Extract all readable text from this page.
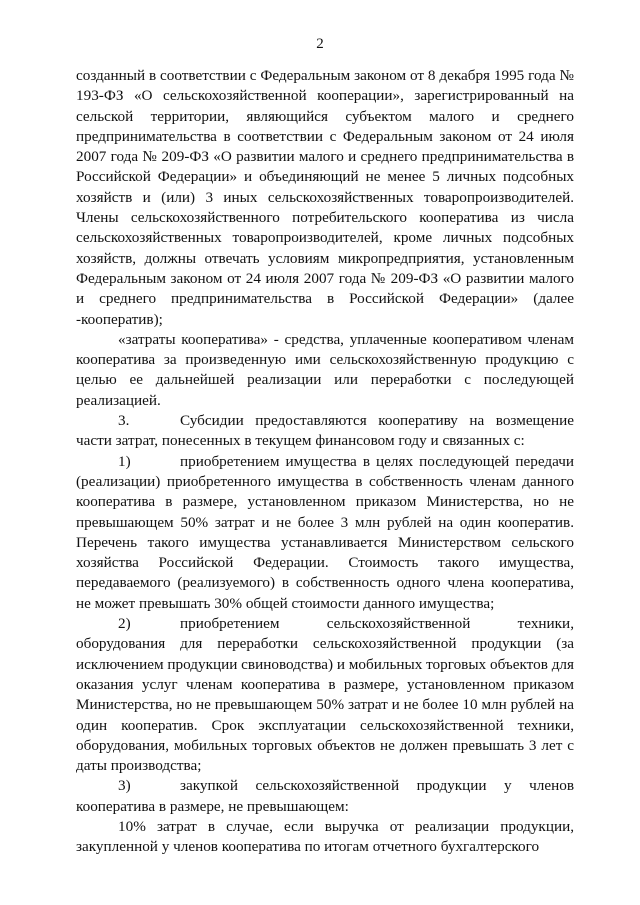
2

созданный в соответствии с Федеральным законом от 8 декабря 1995 года № 193-ФЗ «О сельскохозяйственной кооперации», зарегистрированный на сельской территории, являющийся субъектом малого и среднего предпринимательства в соответствии с Федеральным законом от 24 июля 2007 года № 209-ФЗ «О развитии малого и среднего предпринимательства в Российской Федерации» и объединяющий не менее 5 личных подсобных хозяйств и (или) 3 иных сельскохозяйственных товаропроизводителей. Члены сельскохозяйственного потребительского кооператива из числа сельскохозяйственных товаропроизводителей, кроме личных подсобных хозяйств, должны отвечать условиям микропредприятия, установленным Федеральным законом от 24 июля 2007 года № 209-ФЗ «О развитии малого и среднего предпринимательства в Российской Федерации» (далее -кооператив);

«затраты кооператива» - средства, уплаченные кооперативом членам кооператива за произведенную ими сельскохозяйственную продукцию с целью ее дальнейшей реализации или переработки с последующей реализацией.

3.	Субсидии предоставляются кооперативу на возмещение части затрат, понесенных в текущем финансовом году и связанных с:

1)	приобретением имущества в целях последующей передачи (реализации) приобретенного имущества в собственность членам данного кооператива в размере, установленном приказом Министерства, но не превышающем 50% затрат и не более 3 млн рублей на один кооператив. Перечень такого имущества устанавливается Министерством сельского хозяйства Российской Федерации. Стоимость такого имущества, передаваемого (реализуемого) в собственность одного члена кооператива, не может превышать 30% общей стоимости данного имущества;

2)	приобретением сельскохозяйственной техники, оборудования для переработки сельскохозяйственной продукции (за исключением продукции свиноводства) и мобильных торговых объектов для оказания услуг членам кооператива в размере, установленном приказом Министерства, но не превышающем 50% затрат и не более 10 млн рублей на один кооператив. Срок эксплуатации сельскохозяйственной техники, оборудования, мобильных торговых объектов не должен превышать 3 лет с даты производства;

3)	закупкой сельскохозяйственной продукции у членов кооператива в размере, не превышающем:

10% затрат в случае, если выручка от реализации продукции, закупленной у членов кооператива по итогам отчетного бухгалтерского
